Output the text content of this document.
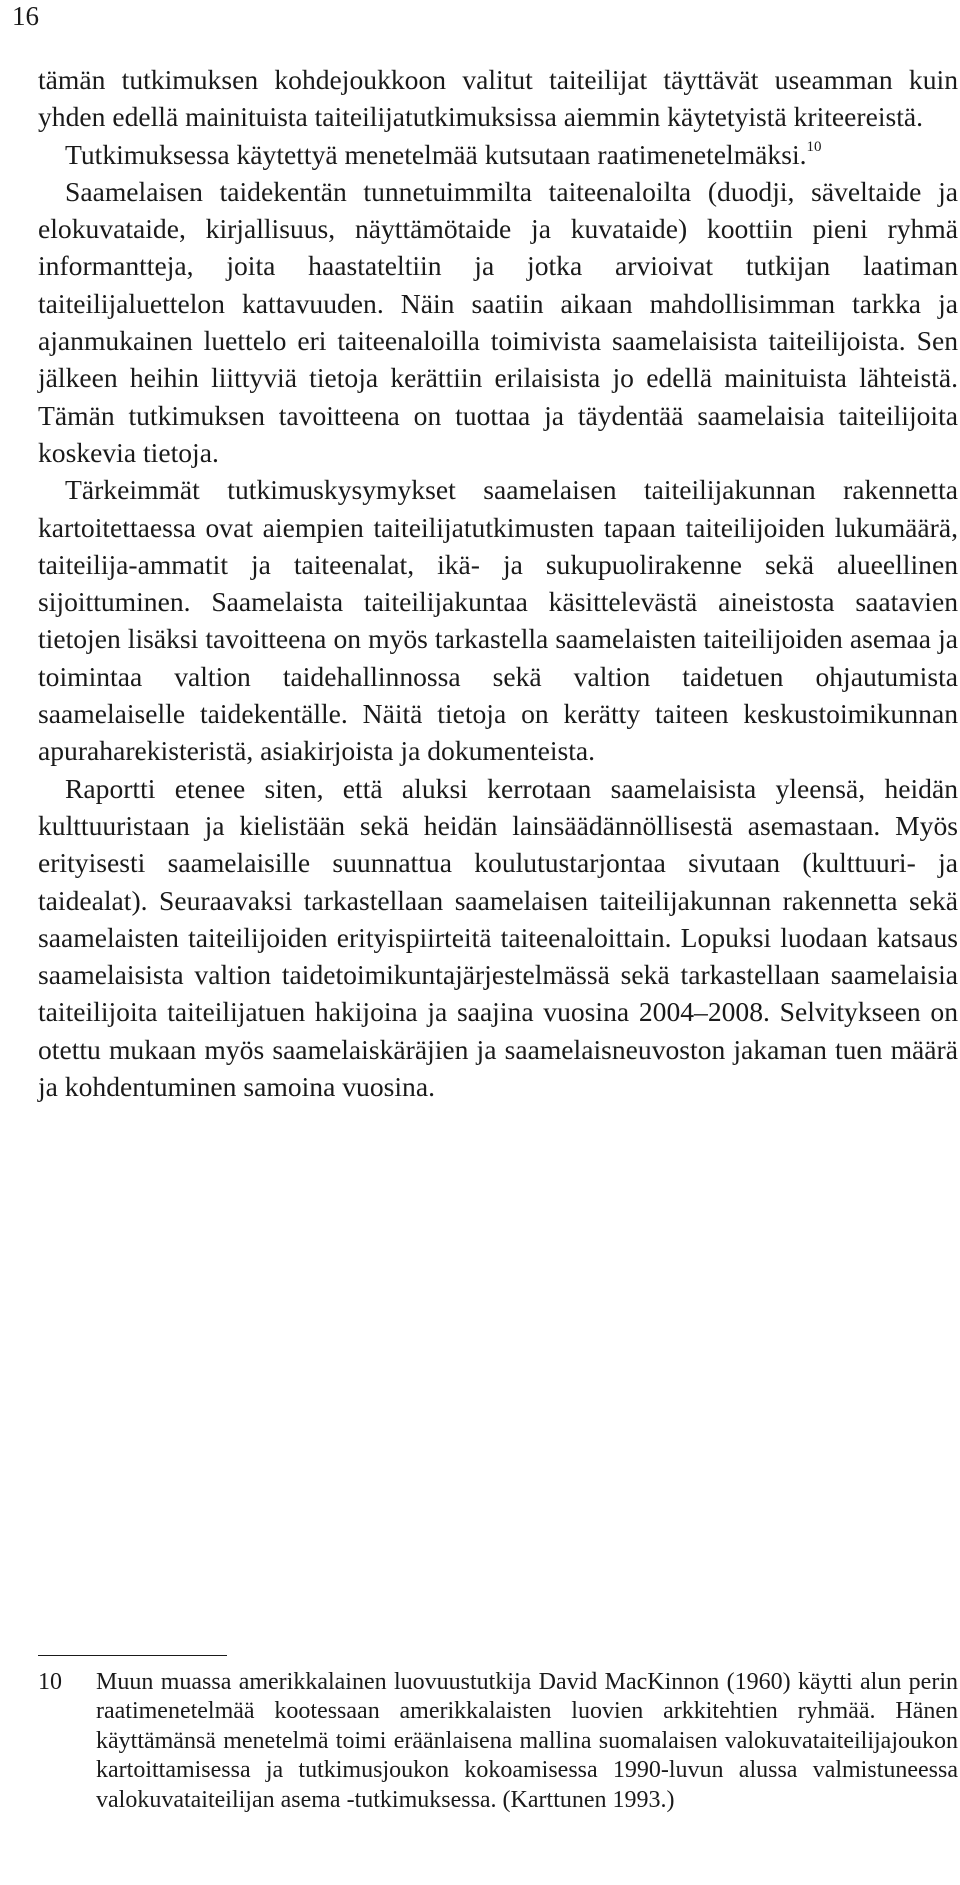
16

tämän tutkimuksen kohdejoukkoon valitut taiteilijat täyttävät useamman kuin yhden edellä mainituista taiteilijatutkimuksissa aiemmin käytetyistä kriteereistä.

Tutkimuksessa käytettyä menetelmää kutsutaan raatimenetelmäksi.$^{10}$

Saamelaisen taidekentän tunnetuimmilta taiteenaloilta (duodji, säveltaide ja elokuvataide, kirjallisuus, näyttämötaide ja kuvataide) koottiin pieni ryhmä informantteja, joita haastateltiin ja jotka arvioivat tutkijan laatiman taiteilijaluettelon kattavuuden. Näin saatiin aikaan mahdollisimman tarkka ja ajanmukainen luettelo eri taiteenaloilla toimivista saamelaisista taiteilijoista. Sen jälkeen heihin liittyviä tietoja kerättiin erilaisista jo edellä mainituista lähteistä. Tämän tutkimuksen tavoitteena on tuottaa ja täydentää saamelaisia taiteilijoita koskevia tietoja.

Tärkeimmät tutkimuskysymykset saamelaisen taiteilijakunnan rakennetta kartoitettaessa ovat aiempien taiteilijatutkimusten tapaan taiteilijoiden lukumäärä, taiteilija-ammatit ja taiteenalat, ikä- ja sukupuolirakenne sekä alueellinen sijoittuminen. Saamelaista taiteilijakuntaa käsittelevästä aineistosta saatavien tietojen lisäksi tavoitteena on myös tarkastella saamelaisten taiteilijoiden asemaa ja toimintaa valtion taidehallinnossa sekä valtion taidetuen ohjautumista saamelaiselle taidekentälle. Näitä tietoja on kerätty taiteen keskustoimikunnan apuraharekisteristä, asiakirjoista ja dokumenteista.

Raportti etenee siten, että aluksi kerrotaan saamelaisista yleensä, heidän kulttuuristaan ja kielistään sekä heidän lainsäädännöllisestä asemastaan. Myös erityisesti saamelaisille suunnattua koulutustarjontaa sivutaan (kulttuuri- ja taidealat). Seuraavaksi tarkastellaan saamelaisen taiteilijakunnan rakennetta sekä saamelaisten taiteilijoiden erityispiirteitä taiteenaloittain. Lopuksi luodaan katsaus saamelaisista valtion taidetoimikuntajärjestelmässä sekä tarkastellaan saamelaisia taiteilijoita taiteilijatuen hakijoina ja saajina vuosina 2004–2008. Selvitykseen on otettu mukaan myös saamelaiskäräjien ja saamelaisneuvoston jakaman tuen määrä ja kohdentuminen samoina vuosina.

10	Muun muassa amerikkalainen luovuustutkija David MacKinnon (1960) käytti alun perin raatimenetelmää kootessaan amerikkalaisten luovien arkkitehtien ryhmää. Hänen käyttämänsä menetelmä toimi eräänlaisena mallina suomalaisen valokuvataiteilijajoukon kartoittamisessa ja tutkimusjoukon kokoamisessa 1990-luvun alussa valmistuneessa valokuvataiteilijan asema -tutkimuksessa. (Karttunen 1993.)
